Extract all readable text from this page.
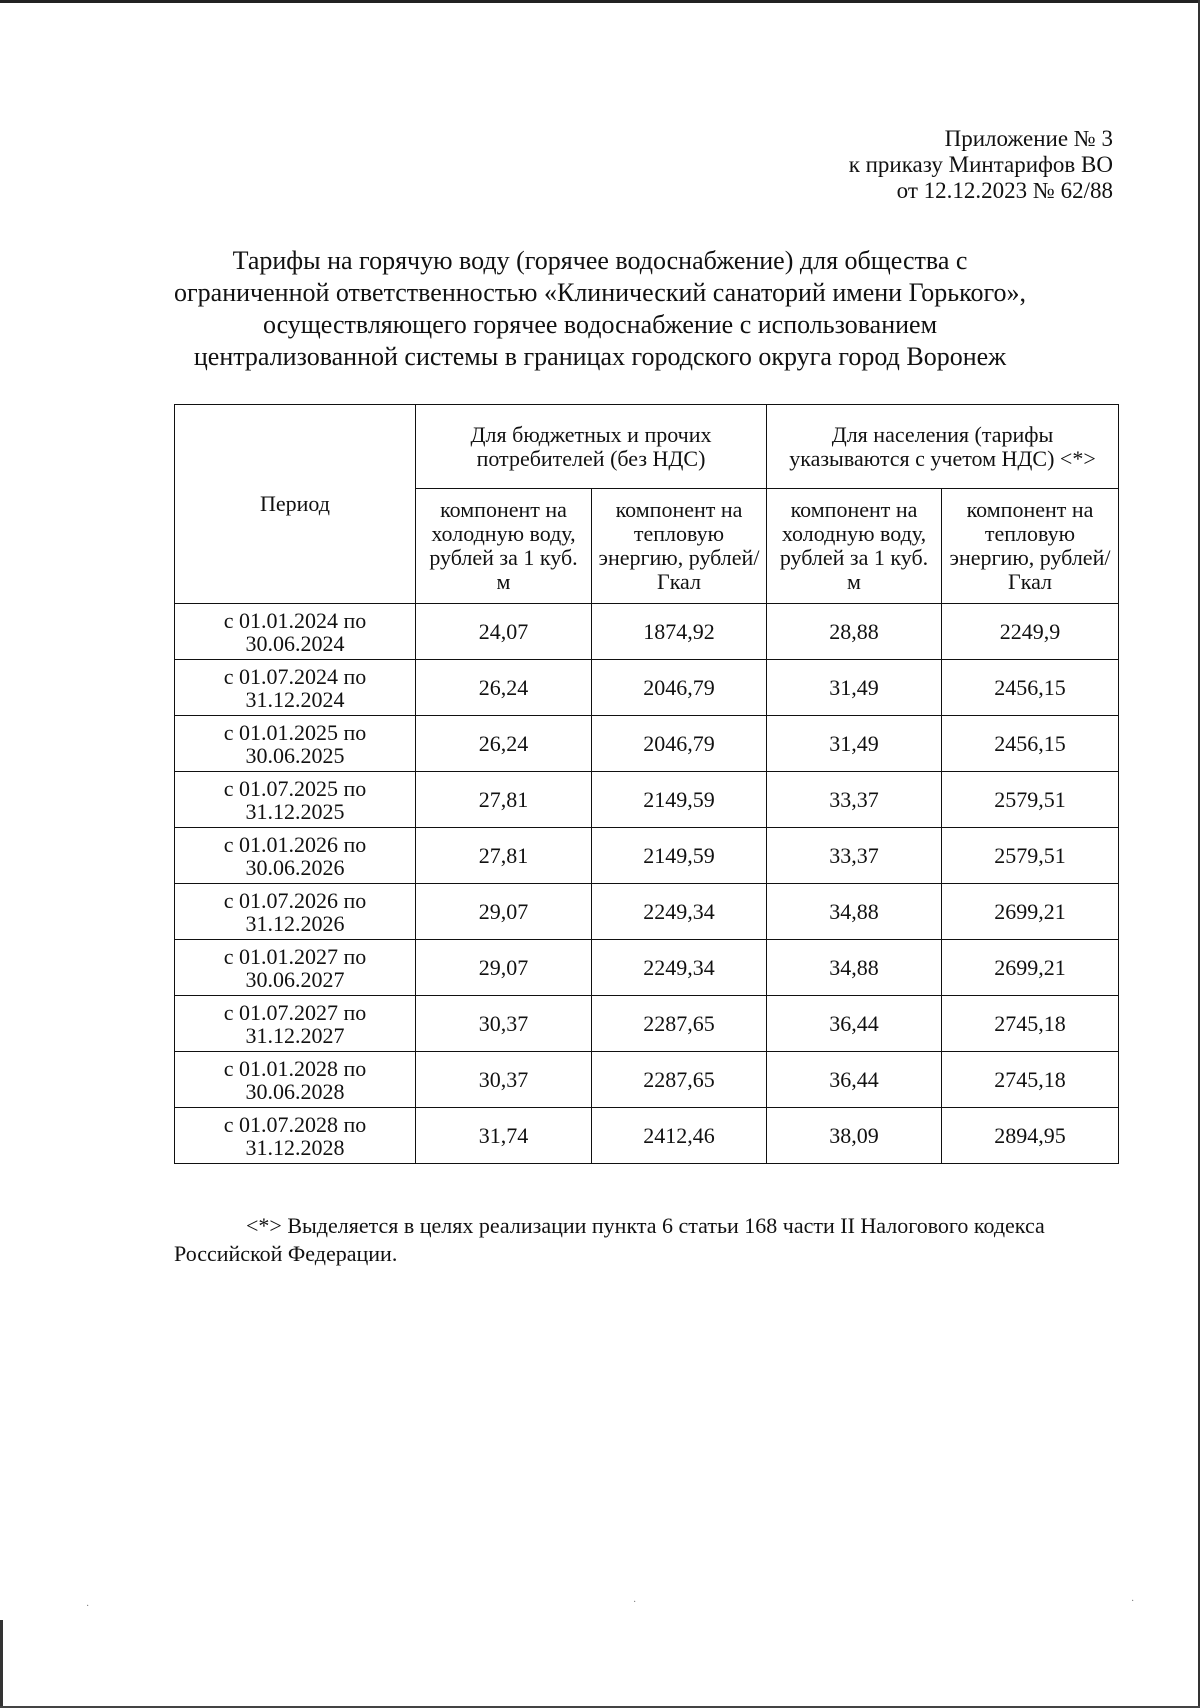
Приложение № 3
к приказу Минтарифов ВО
от 12.12.2023 № 62/88
Тарифы на горячую воду (горячее водоснабжение) для общества с
ограниченной ответственностью «Клинический санаторий имени Горького»,
осуществляющего горячее водоснабжение с использованием
централизованной системы в границах городского округа город Воронеж
Период	Для бюджетных и прочих потребителей (без НДС)		Для населения (тарифы указываются с учетом НДС) <*>	
	компонент на холодную воду, рублей за 1 куб. м	компонент на тепловую энергию, рублей/Гкал	компонент на холодную воду, рублей за 1 куб. м	компонент на тепловую энергию, рублей/Гкал
с 01.01.2024 по 30.06.2024	24,07	1874,92	28,88	2249,9
с 01.07.2024 по 31.12.2024	26,24	2046,79	31,49	2456,15
с 01.01.2025 по 30.06.2025	26,24	2046,79	31,49	2456,15
с 01.07.2025 по 31.12.2025	27,81	2149,59	33,37	2579,51
с 01.01.2026 по 30.06.2026	27,81	2149,59	33,37	2579,51
с 01.07.2026 по 31.12.2026	29,07	2249,34	34,88	2699,21
с 01.01.2027 по 30.06.2027	29,07	2249,34	34,88	2699,21
с 01.07.2027 по 31.12.2027	30,37	2287,65	36,44	2745,18
с 01.01.2028 по 30.06.2028	30,37	2287,65	36,44	2745,18
с 01.07.2028 по 31.12.2028	31,74	2412,46	38,09	2894,95
<*> Выделяется в целях реализации пункта 6 статьи 168 части II Налогового кодекса Российской Федерации.
·	·	·
